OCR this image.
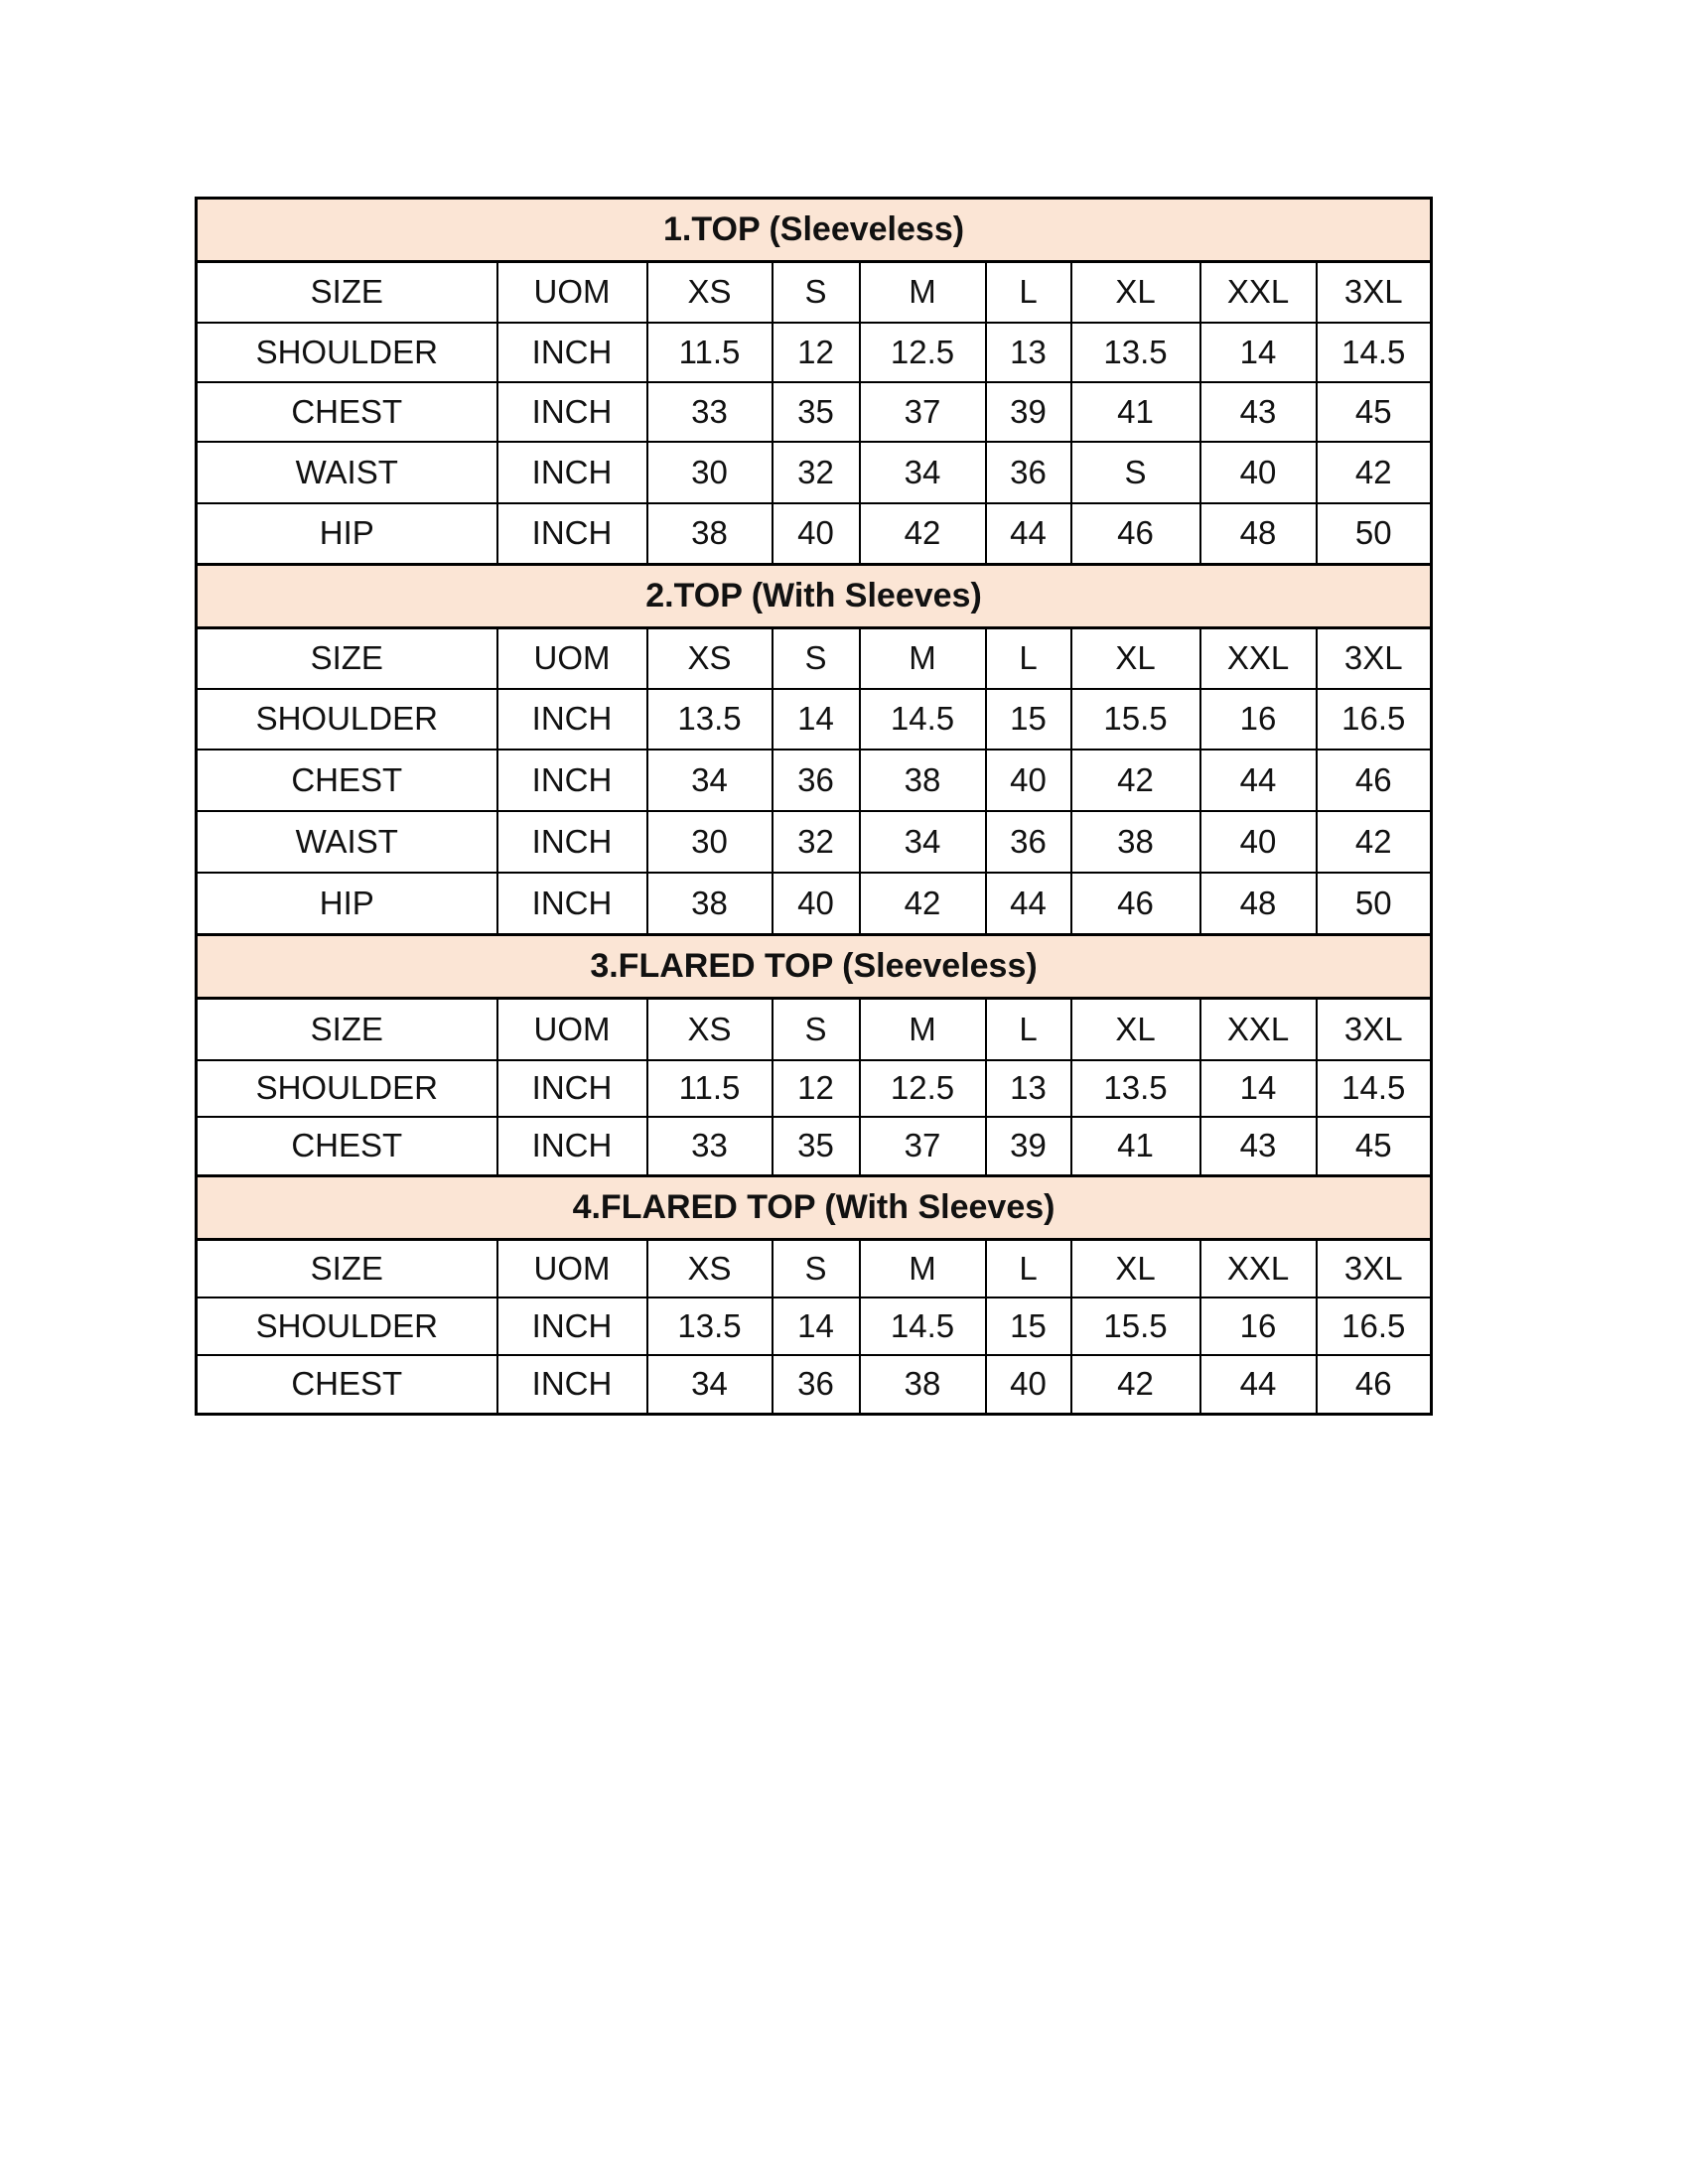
1.TOP (Sleeveless)								
SIZE	UOM	XS	S	M	L	XL	XXL	3XL
SHOULDER	INCH	11.5	12	12.5	13	13.5	14	14.5
CHEST	INCH	33	35	37	39	41	43	45
WAIST	INCH	30	32	34	36	S	40	42
HIP	INCH	38	40	42	44	46	48	50
2.TOP (With Sleeves)								
SIZE	UOM	XS	S	M	L	XL	XXL	3XL
SHOULDER	INCH	13.5	14	14.5	15	15.5	16	16.5
CHEST	INCH	34	36	38	40	42	44	46
WAIST	INCH	30	32	34	36	38	40	42
HIP	INCH	38	40	42	44	46	48	50
3.FLARED TOP (Sleeveless)								
SIZE	UOM	XS	S	M	L	XL	XXL	3XL
SHOULDER	INCH	11.5	12	12.5	13	13.5	14	14.5
CHEST	INCH	33	35	37	39	41	43	45
4.FLARED TOP (With Sleeves)								
SIZE	UOM	XS	S	M	L	XL	XXL	3XL
SHOULDER	INCH	13.5	14	14.5	15	15.5	16	16.5
CHEST	INCH	34	36	38	40	42	44	46
